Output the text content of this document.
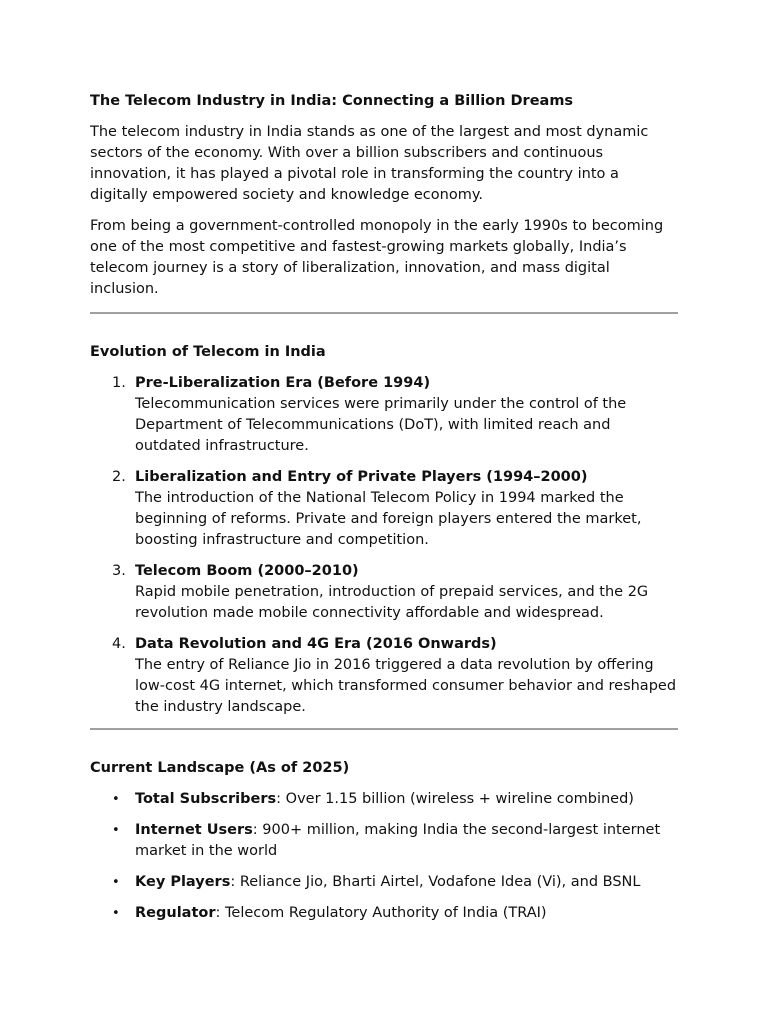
The Telecom Industry in India: Connecting a Billion Dreams

The telecom industry in India stands as one of the largest and most dynamic sectors of the economy. With over a billion subscribers and continuous innovation, it has played a pivotal role in transforming the country into a digitally empowered society and knowledge economy.

From being a government-controlled monopoly in the early 1990s to becoming one of the most competitive and fastest-growing markets globally, India’s telecom journey is a story of liberalization, innovation, and mass digital inclusion.

Evolution of Telecom in India
1. Pre-Liberalization Era (Before 1994)
Telecommunication services were primarily under the control of the Department of Telecommunications (DoT), with limited reach and outdated infrastructure.
2. Liberalization and Entry of Private Players (1994–2000)
The introduction of the National Telecom Policy in 1994 marked the beginning of reforms. Private and foreign players entered the market, boosting infrastructure and competition.
3. Telecom Boom (2000–2010)
Rapid mobile penetration, introduction of prepaid services, and the 2G revolution made mobile connectivity affordable and widespread.
4. Data Revolution and 4G Era (2016 Onwards)
The entry of Reliance Jio in 2016 triggered a data revolution by offering low-cost 4G internet, which transformed consumer behavior and reshaped the industry landscape.
Current Landscape (As of 2025)
• Total Subscribers: Over 1.15 billion (wireless + wireline combined)
• Internet Users: 900+ million, making India the second-largest internet market in the world
• Key Players: Reliance Jio, Bharti Airtel, Vodafone Idea (Vi), and BSNL
• Regulator: Telecom Regulatory Authority of India (TRAI)
